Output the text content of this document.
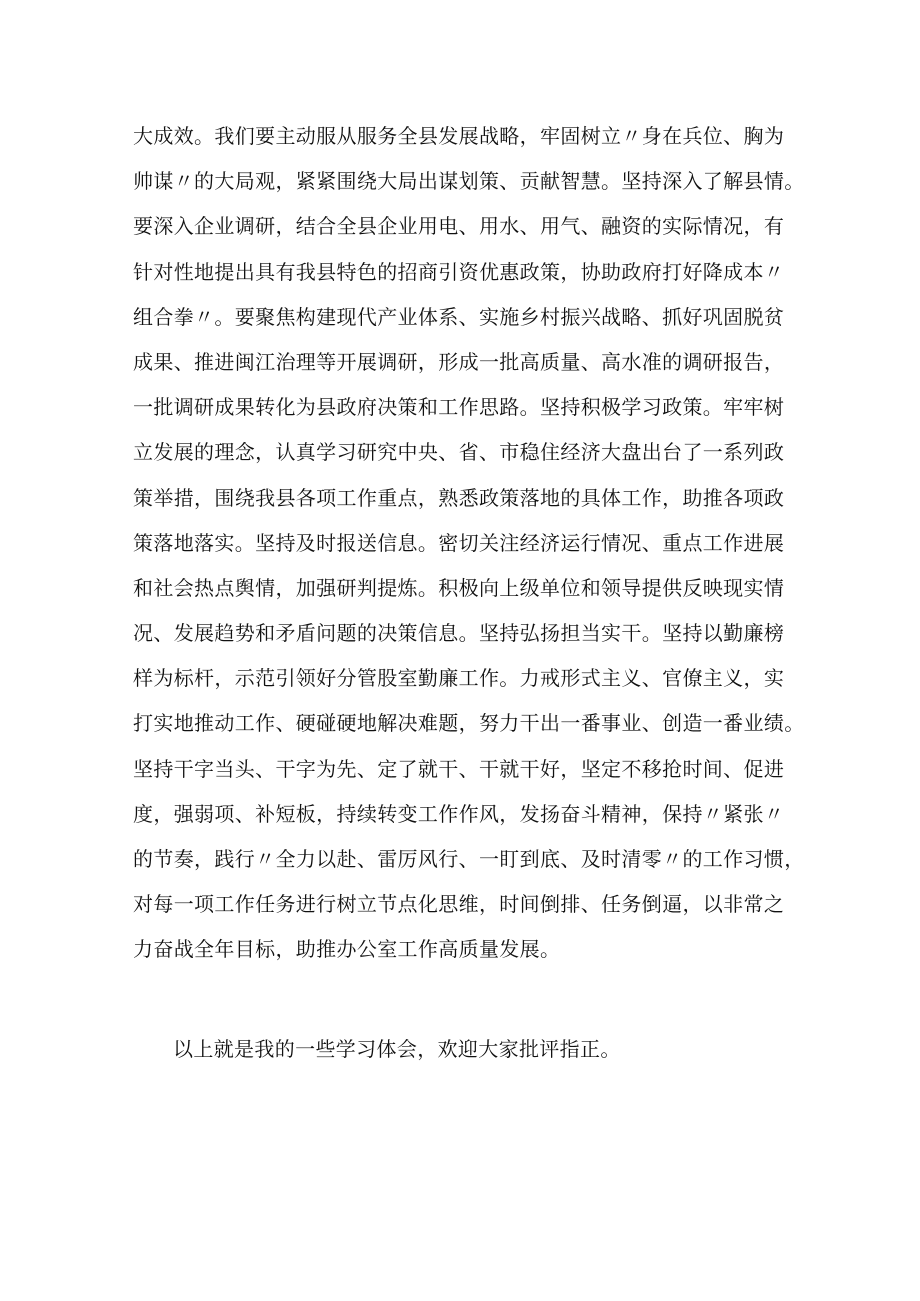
大成效。我们要主动服从服务全县发展战略，牢固树立〃身在兵位、胸为
帅谋〃的大局观，紧紧围绕大局出谋划策、贡献智慧。坚持深入了解县情。
要深入企业调研，结合全县企业用电、用水、用气、融资的实际情况，有
针对性地提出具有我县特色的招商引资优惠政策，协助政府打好降成本〃
组合拳〃。要聚焦构建现代产业体系、实施乡村振兴战略、抓好巩固脱贫
成果、推进闽江治理等开展调研，形成一批高质量、高水准的调研报告，
一批调研成果转化为县政府决策和工作思路。坚持积极学习政策。牢牢树
立发展的理念，认真学习研究中央、省、市稳住经济大盘出台了一系列政
策举措，围绕我县各项工作重点，熟悉政策落地的具体工作，助推各项政
策落地落实。坚持及时报送信息。密切关注经济运行情况、重点工作进展
和社会热点舆情，加强研判提炼。积极向上级单位和领导提供反映现实情
况、发展趋势和矛盾问题的决策信息。坚持弘扬担当实干。坚持以勤廉榜
样为标杆，示范引领好分管股室勤廉工作。力戒形式主义、官僚主义，实
打实地推动工作、硬碰硬地解决难题，努力干出一番事业、创造一番业绩。
坚持干字当头、干字为先、定了就干、干就干好，坚定不移抢时间、促进
度，强弱项、补短板，持续转变工作作风，发扬奋斗精神，保持〃紧张〃
的节奏，践行〃全力以赴、雷厉风行、一盯到底、及时清零〃的工作习惯，
对每一项工作任务进行树立节点化思维，时间倒排、任务倒逼，以非常之
力奋战全年目标，助推办公室工作高质量发展。
以上就是我的一些学习体会，欢迎大家批评指正。
